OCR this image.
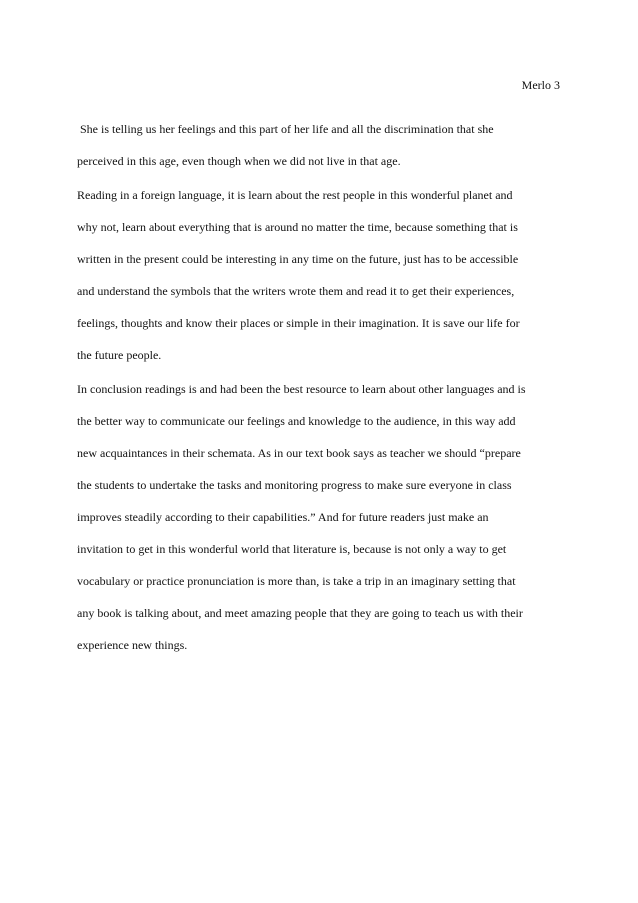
Merlo 3
She is telling us her feelings and this part of her life and all the discrimination that she
perceived in this age, even though when we did not live in that age.
Reading in a foreign language, it is learn about the rest people in this wonderful planet and
why not, learn about everything that is around no matter the time, because something that is
written in the present could be interesting in any time on the future, just has to be accessible
and understand the symbols that the writers wrote them and read it to get their experiences,
feelings, thoughts and know their places or simple in their imagination. It is save our life for
the future people.
In conclusion readings is and had been the best resource to learn about other languages and is
the better way to communicate our feelings and knowledge to the audience, in this way add
new acquaintances in their schemata. As in our text book says as teacher we should “prepare
the students to undertake the tasks and monitoring progress to make sure everyone in class
improves steadily according to their capabilities.” And for future readers just make an
invitation to get in this wonderful world that literature is, because is not only a way to get
vocabulary or practice pronunciation is more than, is take a trip in an imaginary setting that
any book is talking about, and meet amazing people that they are going to teach us with their
experience new things.
